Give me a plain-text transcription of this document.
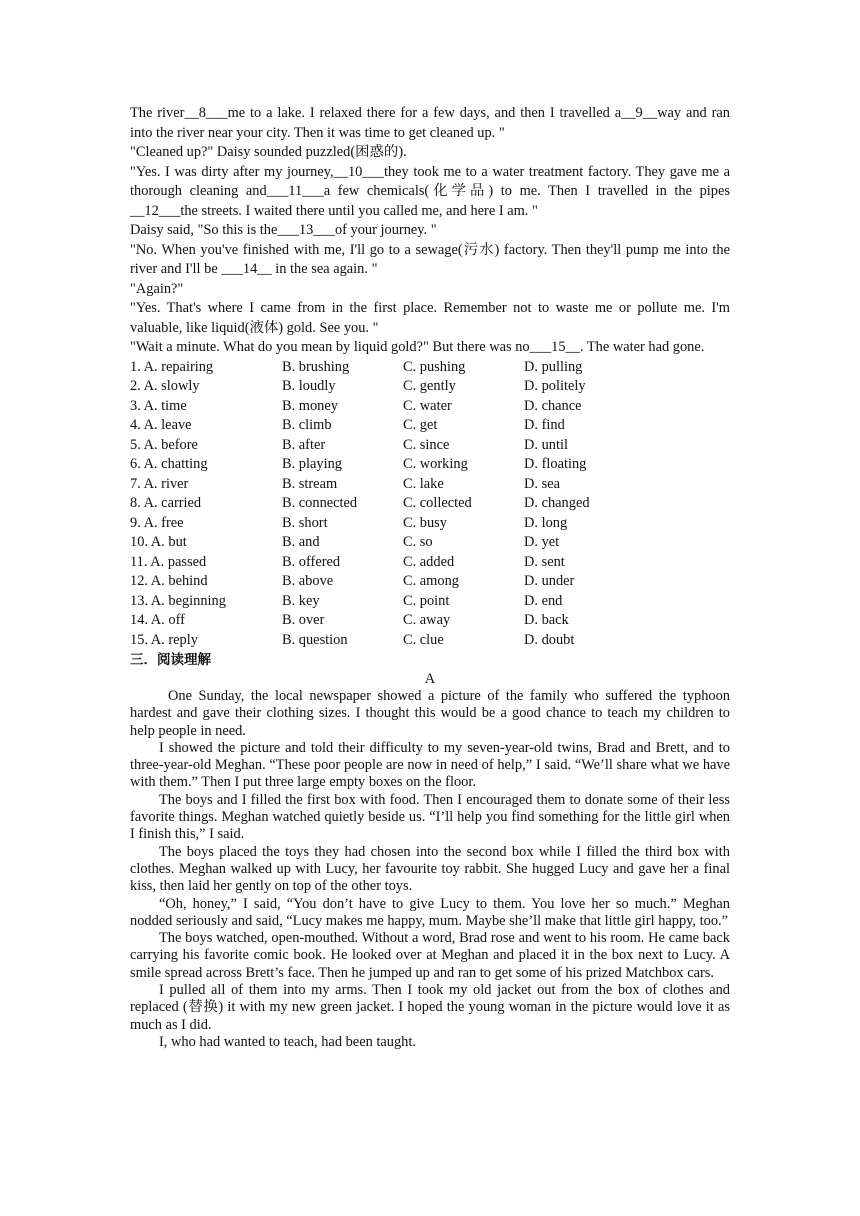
The river__8___me to a lake. I relaxed there for a few days, and then I travelled a__9__way and ran into the river near your city. Then it was time to get cleaned up. "

"Cleaned up?" Daisy sounded puzzled(困惑的).

"Yes. I was dirty after my journey,__10___they took me to a water treatment factory. They gave me a thorough cleaning and___11___a few chemicals(化学品) to me. Then I travelled in the pipes __12___the streets. I waited there until you called me, and here I am. "

Daisy said, "So this is the___13___of your journey. "

"No. When you've finished with me, I'll go to a sewage(污水) factory. Then they'll pump me into the river and I'll be ___14__ in the sea again. "

"Again?"

"Yes. That's where I came from in the first place. Remember not to waste me or pollute me. I'm valuable, like liquid(液体) gold. See you. "

"Wait a minute. What do you mean by liquid gold?" But there was no___15__. The water had gone.

1. A. repairing	B. brushing	C. pushing	D. pulling
2. A. slowly	B. loudly	C. gently	D. politely
3. A. time	B. money	C. water	D. chance
4. A. leave	B. climb	C. get	D. find
5. A. before	B. after	C. since	D. until
6. A. chatting	B. playing	C. working	D. floating
7. A. river	B. stream	C. lake	D. sea
8. A. carried	B. connected	C. collected	D. changed
9. A. free	B. short	C. busy	D. long
10. A. but	B. and	C. so	D. yet
11. A. passed	B. offered	C. added	D. sent
12. A. behind	B. above	C. among	D. under
13. A. beginning	B. key	C. point	D. end
14. A. off	B. over	C. away	D. back
15. A. reply	B. question	C. clue	D. doubt

三．阅读理解

A

One Sunday, the local newspaper showed a picture of the family who suffered the typhoon hardest and gave their clothing sizes. I thought this would be a good chance to teach my children to help people in need.

I showed the picture and told their difficulty to my seven-year-old twins, Brad and Brett, and to three-year-old Meghan. “These poor people are now in need of help,” I said. “We’ll share what we have with them.” Then I put three large empty boxes on the floor.

The boys and I filled the first box with food. Then I encouraged them to donate some of their less favorite things. Meghan watched quietly beside us. “I’ll help you find something for the little girl when I finish this,” I said.

The boys placed the toys they had chosen into the second box while I filled the third box with clothes. Meghan walked up with Lucy, her favourite toy rabbit. She hugged Lucy and gave her a final kiss, then laid her gently on top of the other toys.

“Oh, honey,” I said, “You don’t have to give Lucy to them. You love her so much.” Meghan nodded seriously and said, “Lucy makes me happy, mum. Maybe she’ll make that little girl happy, too.”

The boys watched, open-mouthed. Without a word, Brad rose and went to his room. He came back carrying his favorite comic book. He looked over at Meghan and placed it in the box next to Lucy. A smile spread across Brett’s face. Then he jumped up and ran to get some of his prized Matchbox cars.

I pulled all of them into my arms. Then I took my old jacket out from the box of clothes and replaced (替换) it with my new green jacket. I hoped the young woman in the picture would love it as much as I did.

I, who had wanted to teach, had been taught.
